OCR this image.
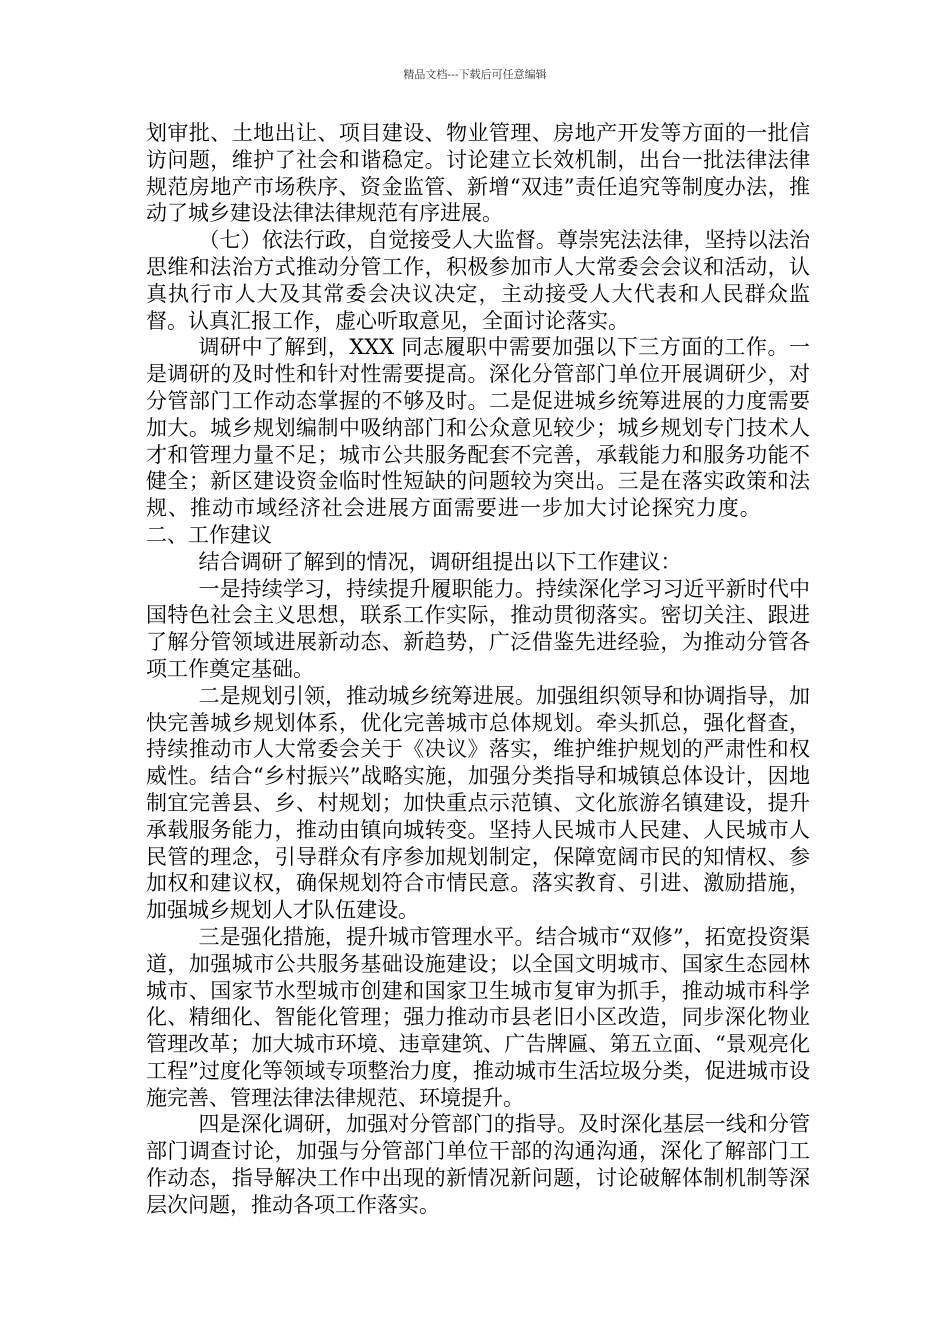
精品文档---下载后可任意编辑

划审批、土地出让、项目建设、物业管理、房地产开发等方面的一批信访问题，维护了社会和谐稳定。讨论建立长效机制，出台一批法律法律规范房地产市场秩序、资金监管、新增“双违”责任追究等制度办法，推动了城乡建设法律法律规范有序进展。

（七）依法行政，自觉接受人大监督。尊崇宪法法律，坚持以法治思维和法治方式推动分管工作，积极参加市人大常委会会议和活动，认真执行市人大及其常委会决议决定，主动接受人大代表和人民群众监督。认真汇报工作，虚心听取意见，全面讨论落实。

调研中了解到，XXX 同志履职中需要加强以下三方面的工作。一是调研的及时性和针对性需要提高。深化分管部门单位开展调研少，对分管部门工作动态掌握的不够及时。二是促进城乡统筹进展的力度需要加大。城乡规划编制中吸纳部门和公众意见较少；城乡规划专门技术人才和管理力量不足；城市公共服务配套不完善，承载能力和服务功能不健全；新区建设资金临时性短缺的问题较为突出。三是在落实政策和法规、推动市域经济社会进展方面需要进一步加大讨论探究力度。二、工作建议

结合调研了解到的情况，调研组提出以下工作建议：

一是持续学习，持续提升履职能力。持续深化学习习近平新时代中国特色社会主义思想，联系工作实际，推动贯彻落实。密切关注、跟进了解分管领域进展新动态、新趋势，广泛借鉴先进经验，为推动分管各项工作奠定基础。

二是规划引领，推动城乡统筹进展。加强组织领导和协调指导，加快完善城乡规划体系，优化完善城市总体规划。牵头抓总，强化督查，持续推动市人大常委会关于《决议》落实，维护维护规划的严肃性和权威性。结合“乡村振兴”战略实施，加强分类指导和城镇总体设计，因地制宜完善县、乡、村规划；加快重点示范镇、文化旅游名镇建设，提升承载服务能力，推动由镇向城转变。坚持人民城市人民建、人民城市人民管的理念，引导群众有序参加规划制定，保障宽阔市民的知情权、参加权和建议权，确保规划符合市情民意。落实教育、引进、激励措施，加强城乡规划人才队伍建设。

三是强化措施，提升城市管理水平。结合城市“双修”，拓宽投资渠道，加强城市公共服务基础设施建设；以全国文明城市、国家生态园林城市、国家节水型城市创建和国家卫生城市复审为抓手，推动城市科学化、精细化、智能化管理；强力推动市县老旧小区改造，同步深化物业管理改革；加大城市环境、违章建筑、广告牌匾、第五立面、“景观亮化工程”过度化等领域专项整治力度，推动城市生活垃圾分类，促进城市设施完善、管理法律法律规范、环境提升。

四是深化调研，加强对分管部门的指导。及时深化基层一线和分管部门调查讨论，加强与分管部门单位干部的沟通沟通，深化了解部门工作动态，指导解决工作中出现的新情况新问题，讨论破解体制机制等深层次问题，推动各项工作落实。
